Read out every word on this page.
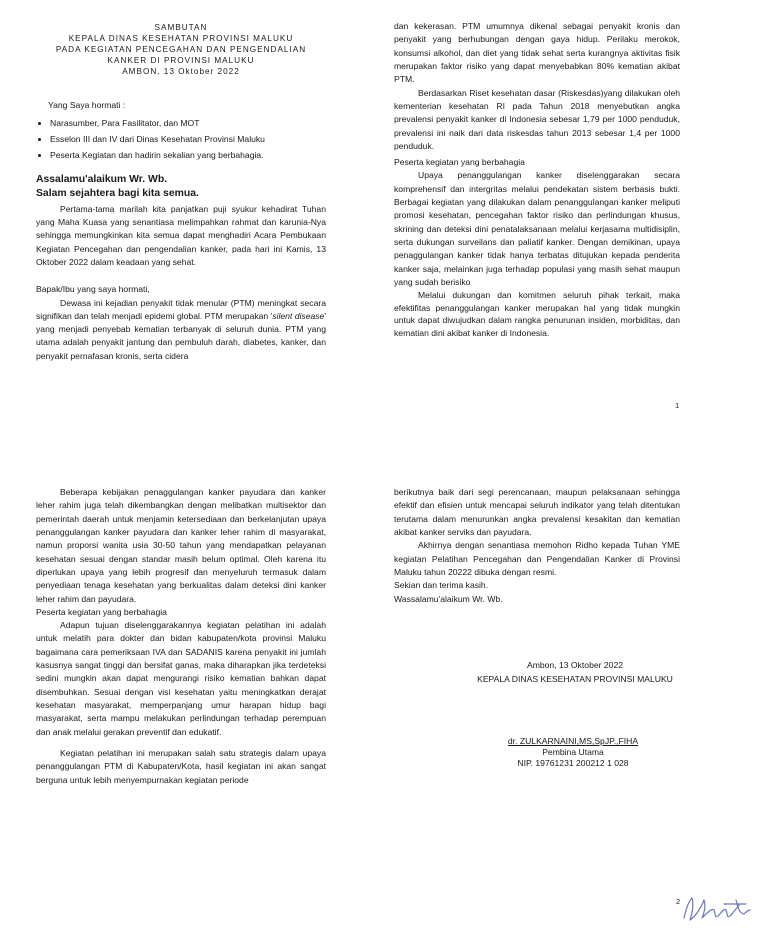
SAMBUTAN
KEPALA DINAS KESEHATAN PROVINSI MALUKU
PADA KEGIATAN PENCEGAHAN DAN PENGENDALIAN
KANKER DI PROVINSI MALUKU
AMBON, 13 Oktober 2022
Yang Saya hormati :
• Narasumber, Para Fasilitator, dan MOT
• Esselon III dan IV dari Dinas Kesehatan Provinsi Maluku
• Peserta Kegiatan dan hadirin sekalian yang berbahagia.
Assalamu'alaikum Wr. Wb.
Salam sejahtera bagi kita semua.

Pertama-tama marilah kita panjatkan puji syukur kehadirat Tuhan yang Maha Kuasa yang senantiasa melimpahkan rahmat dan karunia-Nya sehingga memungkinkan kita semua dapat menghadiri Acara Pembukaan Kegiatan Pencegahan dan pengendalian kanker, pada hari ini Kamis, 13 Oktober 2022 dalam keadaan yang sehat.

Bapak/Ibu yang saya hormati,

Dewasa ini kejadian penyakit tidak menular (PTM) meningkat secara signifikan dan telah menjadi epidemi global. PTM merupakan 'silent disease' yang menjadi penyebab kematian terbanyak di seluruh dunia. PTM yang utama adalah penyakit jantung dan pembuluh darah, diabetes, kanker, dan penyakit pernafasan kronis, serta cidera

dan kekerasan. PTM umumnya dikenal sebagai penyakit kronis dan penyakit yang berhubungan dengan gaya hidup. Perilaku merokok, konsumsi alkohol, dan diet yang tidak sehat serta kurangnya aktivitas fisik merupakan faktor risiko yang dapat menyebabkan 80% kematian akibat PTM.

Berdasarkan Riset kesehatan dasar (Riskesdas)yang dilakukan oleh kementerian kesehatan RI pada Tahun 2018 menyebutkan angka prevalensi penyakit kanker di Indonesia sebesar 1,79 per 1000 penduduk, prevalensi ini naik dari data riskesdas tahun 2013 sebesar 1,4 per 1000 penduduk.

Peserta kegiatan yang berbahagia

Upaya penanggulangan kanker diselenggarakan secara komprehensif dan intergritas melalui pendekatan sistem berbasis bukti. Berbagai kegiatan yang dilakukan dalam penanggulangan kanker meliputi promosi kesehatan, pencegahan faktor risiko dan perlindungan khusus, skrining dan deteksi dini penatalaksanaan melalui kerjasama multidisiplin, serta dukungan surveilans dan paliatif kanker. Dengan demikinan, upaya penaggulangan kanker tidak hanya terbatas ditujukan kepada penderita kanker saja, melainkan juga terhadap populasi yang masih sehat maupun yang sudah berisiko

Melalui dukungan dan komitmen seluruh pihak terkait, maka efektifitas penanggulangan kanker merupakan hal yang tidak mungkin untuk dapat diwujudkan dalam rangka penurunan insiden, morbiditas, dan kematian dini akibat kanker di Indonesia.

1

Beberapa kebijakan penaggulangan kanker payudara dan kanker leher rahim juga telah dikembangkan dengan melibatkan multisektor dan pemerintah daerah untuk menjamin ketersediaan dan berkelanjutan upaya penanggulangan kanker payudara dan kanker leher rahim di masyarakat, namun proporsi wanita usia 30-50 tahun yang mendapatkan pelayanan kesehatan sesuai dengan standar masih belum optimal. Oleh karena itu diperlukan upaya yang lebih progresif dan menyeluruh termasuk dalam penyediaan tenaga kesehatan yang berkualitas dalam deteksi dini kanker leher rahim dan payudara.

Peserta kegiatan yang berbahagia

Adapun tujuan diselenggarakannya kegiatan pelatihan ini adalah untuk melatih para dokter dan bidan kabupaten/kota provinsi Maluku bagaimana cara pemeriksaan IVA dan SADANIS karena penyakit ini jumlah kasusnya sangat tinggi dan bersifat ganas, maka diharapkan jika terdeteksi sedini mungkin akan dapat mengurangi risiko kematian bahkan dapat disembuhkan. Sesuai dengan visi kesehatan yaitu meningkatkan derajat kesehatan masyarakat, memperpanjang umur harapan hidup bagi masyarakat, serta mampu melakukan perlindungan terhadap perempuan dan anak melalui gerakan preventif dan edukatif.

Kegiatan pelatihan ini merupakan salah satu strategis dalam upaya penanggulangan PTM di Kabupaten/Kota, hasil kegiatan ini akan sangat berguna untuk lebih menyempurnakan kegiatan periode

berikutnya baik dari segi perencanaan, maupun pelaksanaan sehingga efektif dan efisien untuk mencapai seluruh indikator yang telah ditentukan terutama dalam menurunkan angka prevalensi kesakitan dan kematian akibat kanker serviks dan payudara.

Akhirnya dengan senantiasa memohon Ridho kepada Tuhan YME kegiatan Pelatihan Pencegahan dan Pengendalian Kanker di Provinsi Maluku tahun 20222 dibuka dengan resmi.

Sekian dan terima kasih.
Wassalamu'alaikum Wr. Wb.
Ambon, 13 Oktober 2022
KEPALA DINAS KESEHATAN PROVINSI MALUKU
dr. ZULKARNAINI,MS,SpJP.,FIHA
Pembina Utama
NIP. 19761231 200212 1 028
2
